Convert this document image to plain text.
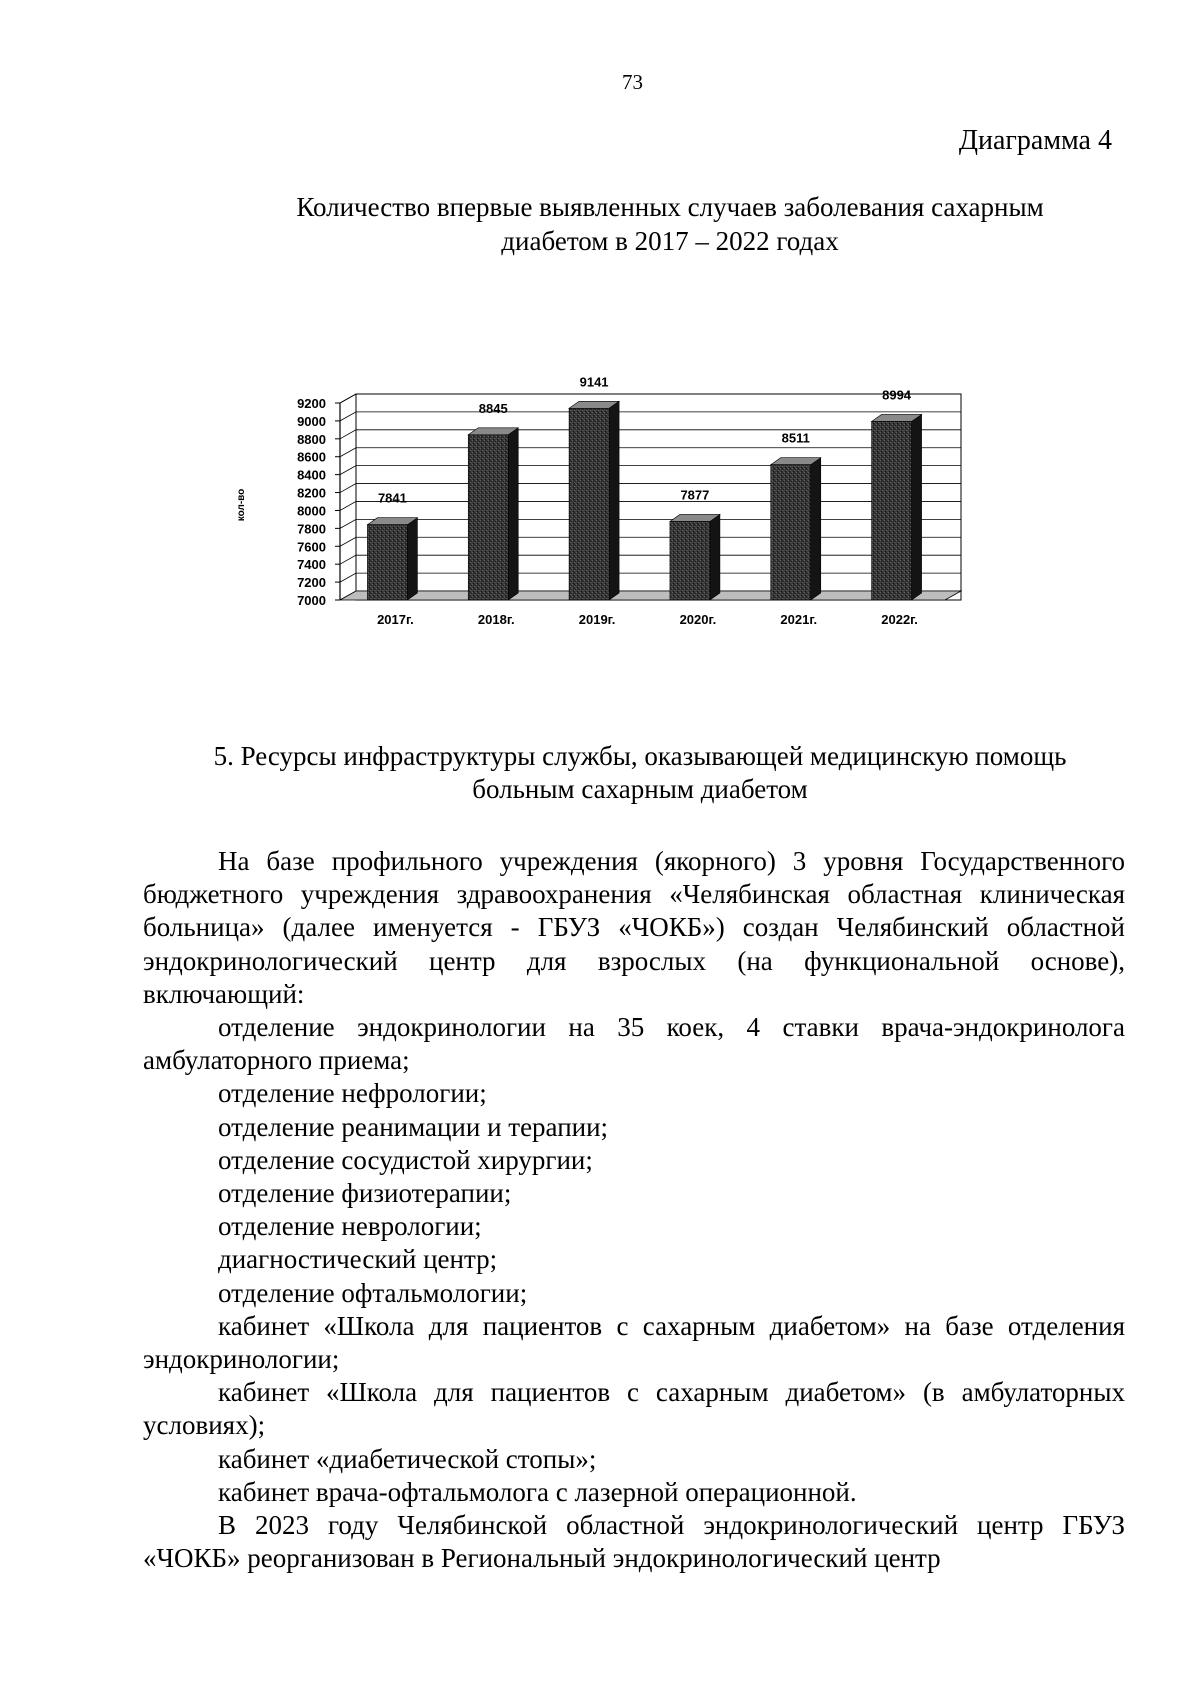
73
Диаграмма 4
Количество впервые выявленных случаев заболевания сахарным
диабетом в 2017 – 2022 годах
7000
7200
7400
7600
7800
8000
8200
8400
8600
8800
9000
9200
кол-во	7841
2017г.
8845
2018г.
9141
2019г.
7877
2020г.
8511
2021г.
8994
2022г.
5. Ресурсы инфраструктуры службы, оказывающей медицинскую помощь
больным сахарным диабетом

На базе профильного учреждения (якорного) 3 уровня Государственного бюджетного учреждения здравоохранения «Челябинская областная клиническая больница» (далее именуется - ГБУЗ «ЧОКБ») создан Челябинский областной эндокринологический центр для взрослых (на функциональной основе), включающий:

отделение эндокринологии на 35 коек, 4 ставки врача-эндокринолога амбулаторного приема;

отделение нефрологии;

отделение реанимации и терапии;

отделение сосудистой хирургии;

отделение физиотерапии;

отделение неврологии;

диагностический центр;

отделение офтальмологии;

кабинет «Школа для пациентов с сахарным диабетом» на базе отделения эндокринологии;

кабинет «Школа для пациентов с сахарным диабетом» (в амбулаторных условиях);

кабинет «диабетической стопы»;

кабинет врача-офтальмолога с лазерной операционной.

В 2023 году Челябинской областной эндокринологический центр ГБУЗ «ЧОКБ» реорганизован в Региональный эндокринологический центр
